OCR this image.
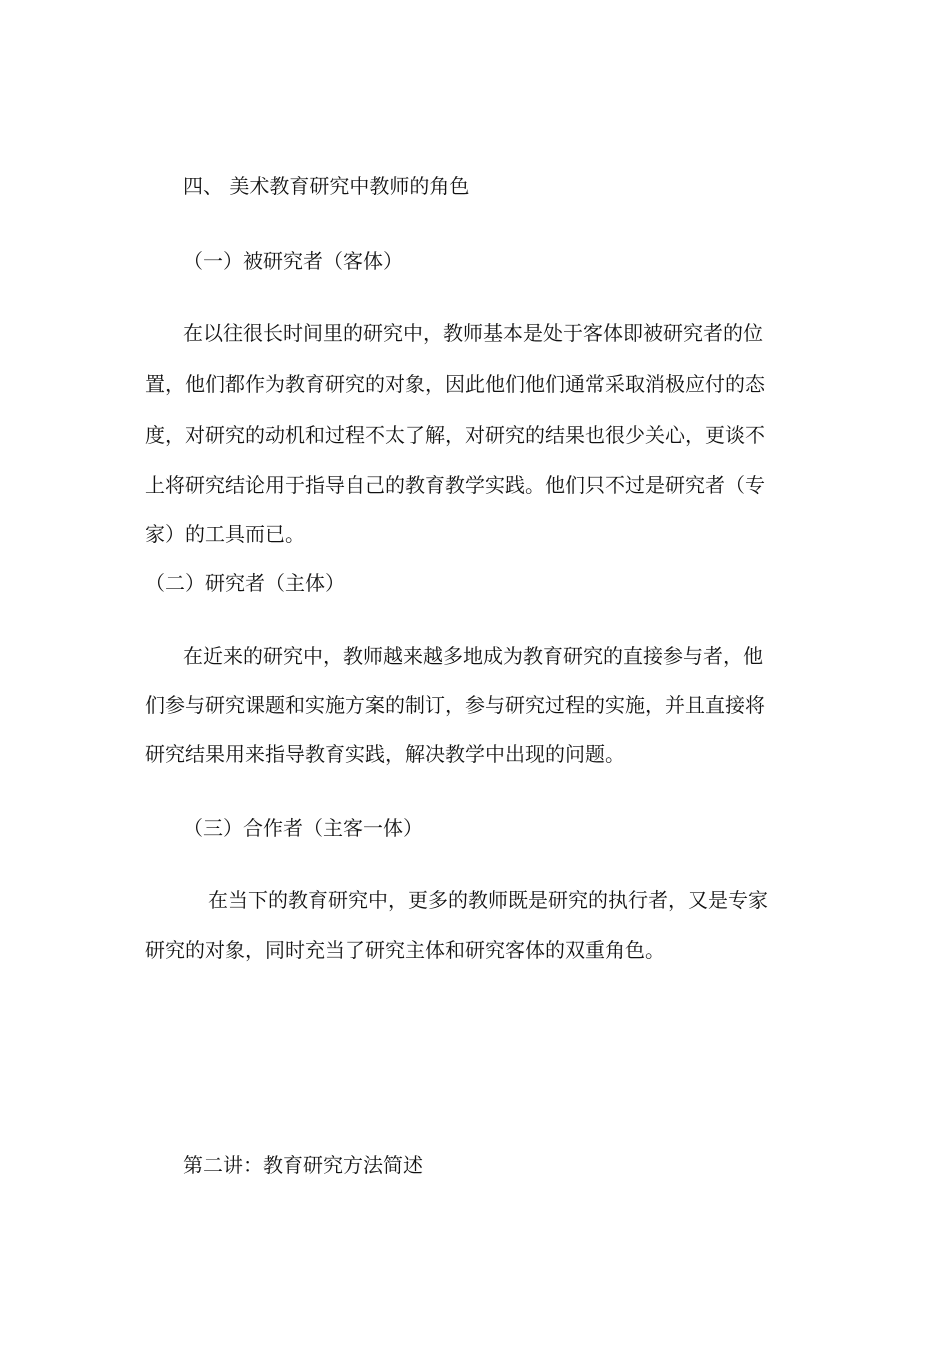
四、 美术教育研究中教师的角色

（一）被研究者（客体）

在以往很长时间里的研究中，教师基本是处于客体即被研究者的位

置，他们都作为教育研究的对象，因此他们他们通常采取消极应付的态

度，对研究的动机和过程不太了解，对研究的结果也很少关心，更谈不

上将研究结论用于指导自己的教育教学实践。他们只不过是研究者（专

家）的工具而已。

（二）研究者（主体）

在近来的研究中，教师越来越多地成为教育研究的直接参与者，他

们参与研究课题和实施方案的制订，参与研究过程的实施，并且直接将

研究结果用来指导教育实践，解决教学中出现的问题。

（三）合作者（主客一体）

在当下的教育研究中，更多的教师既是研究的执行者，又是专家

研究的对象，同时充当了研究主体和研究客体的双重角色。

第二讲：教育研究方法简述
